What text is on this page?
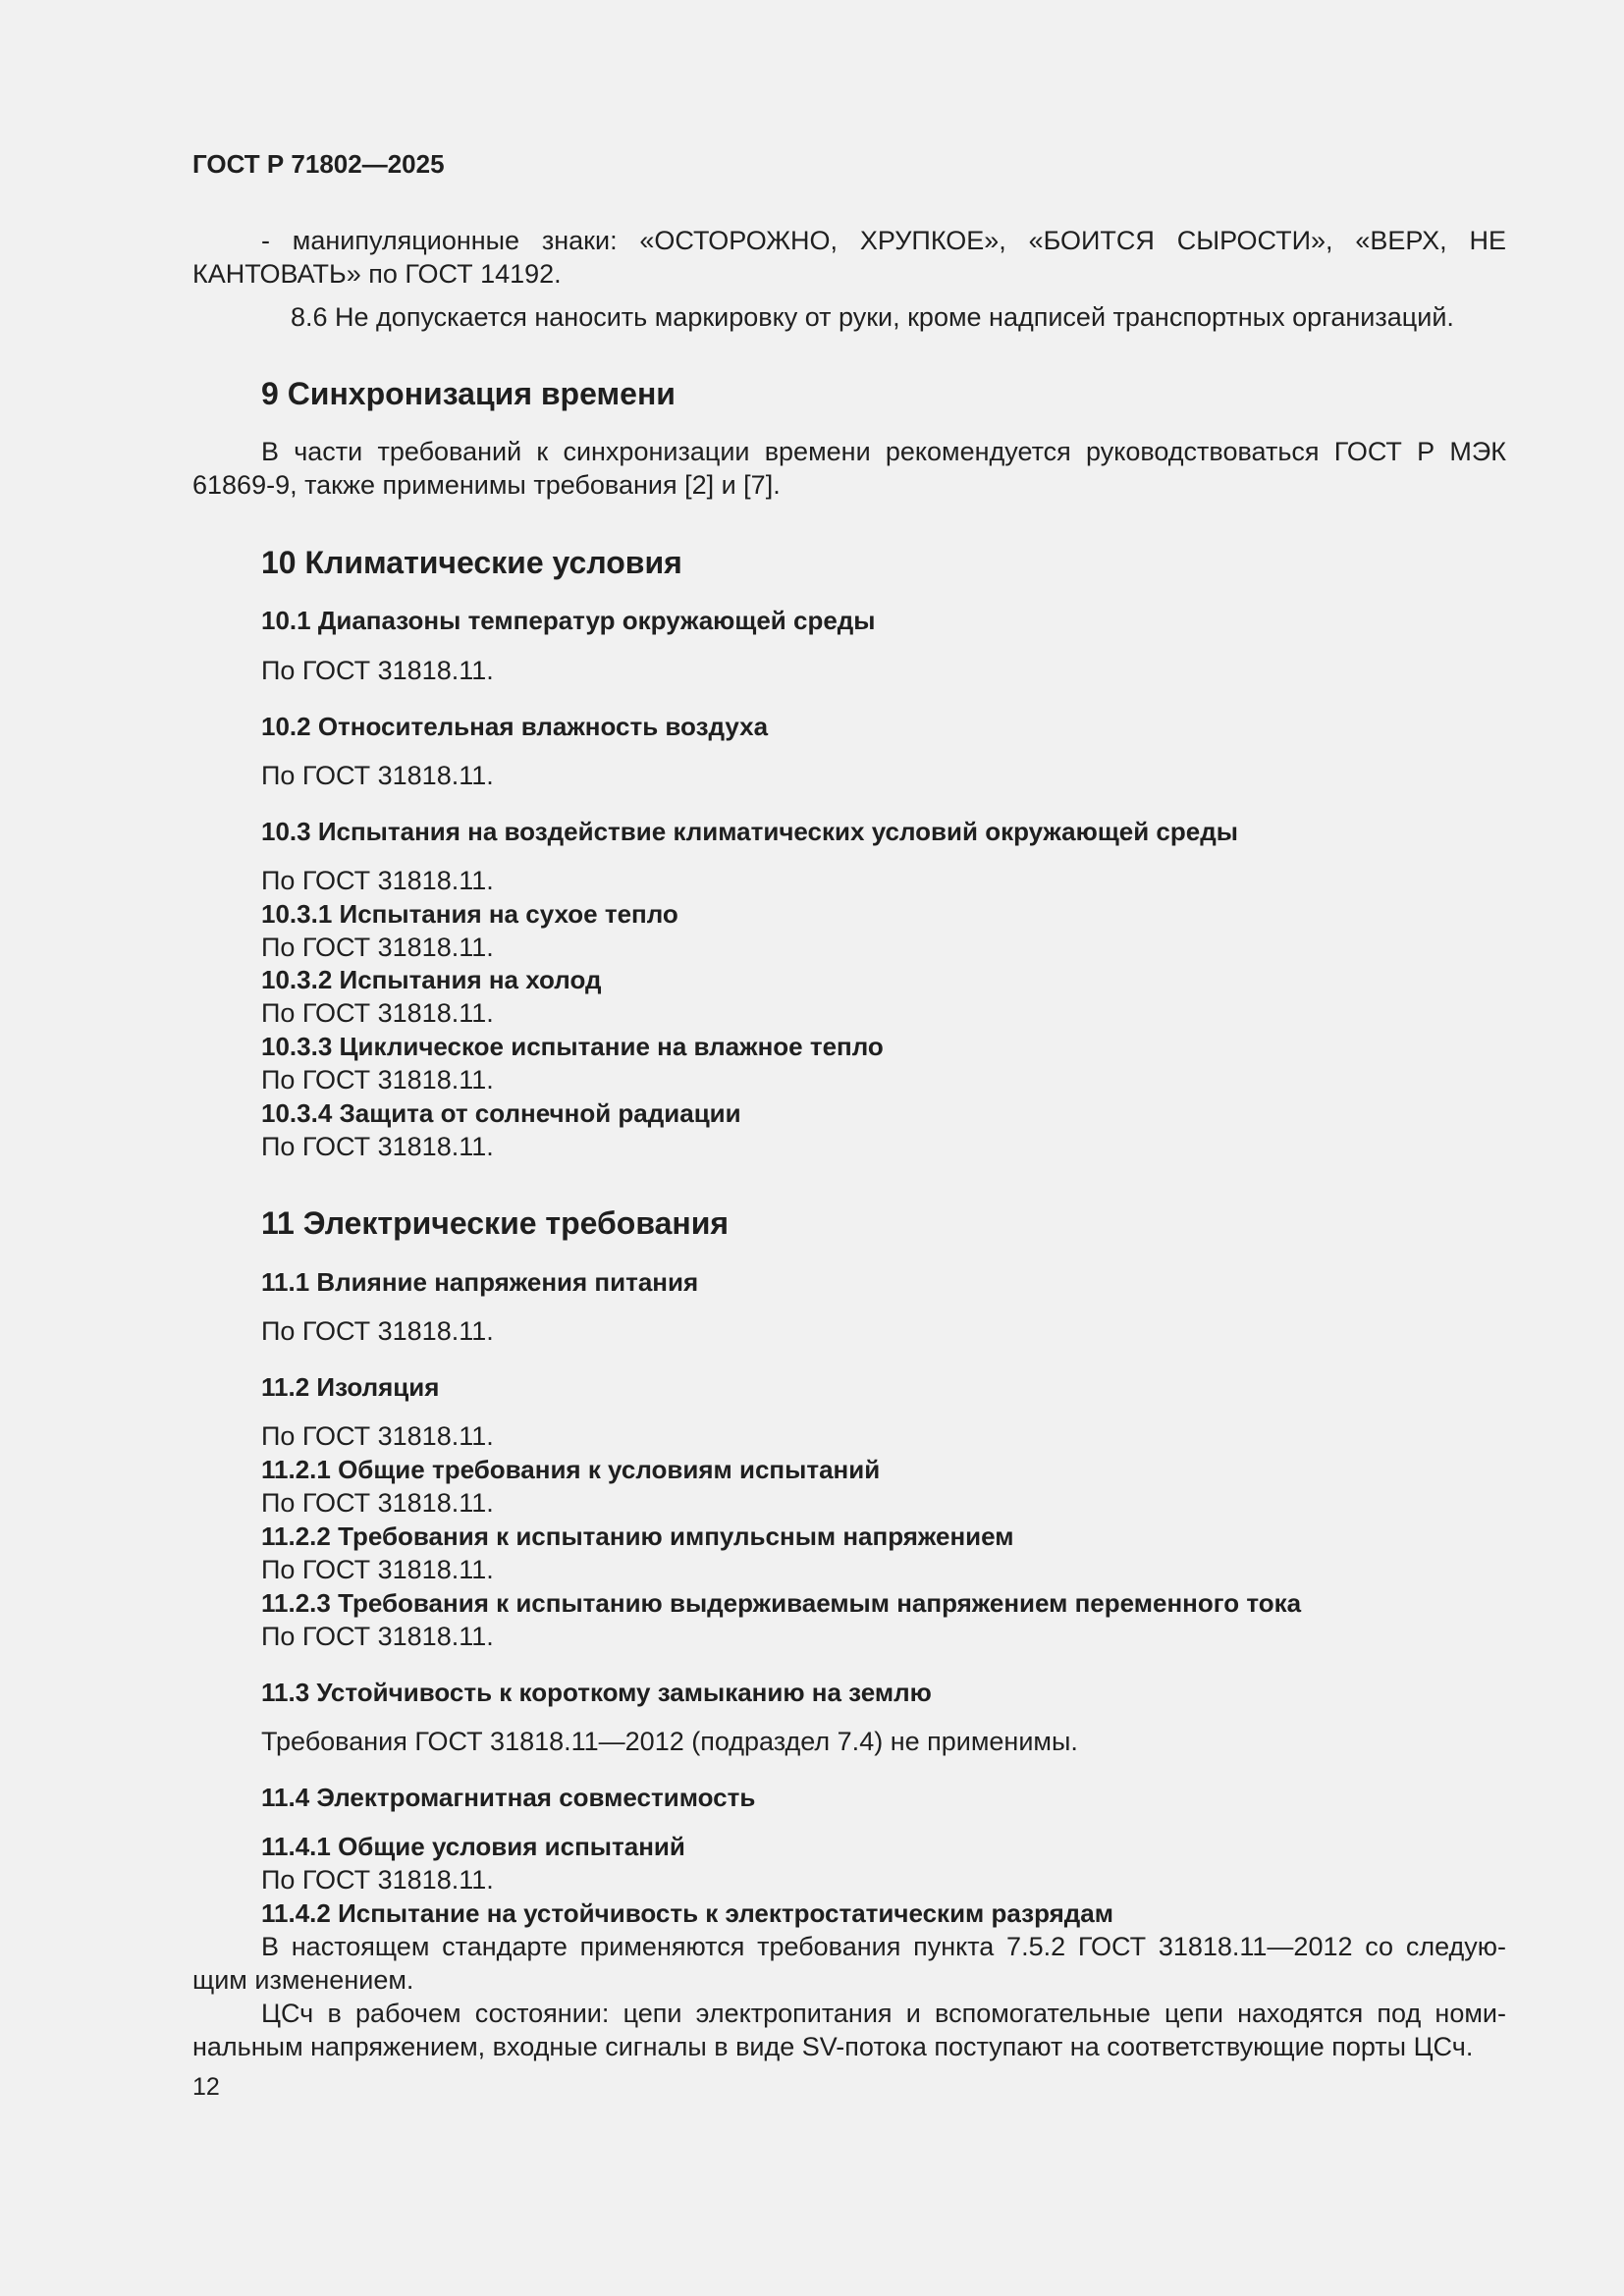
ГОСТ Р 71802—2025

- манипуляционные знаки: «ОСТОРОЖНО, ХРУПКОЕ», «БОИТСЯ СЫРОСТИ», «ВЕРХ, НЕ КАНТОВАТЬ» по ГОСТ 14192.

8.6 Не допускается наносить маркировку от руки, кроме надписей транспортных организаций.
9 Синхронизация времени

В части требований к синхронизации времени рекомендуется руководствоваться ГОСТ Р МЭК 61869-9, также применимы требования [2] и [7].

10 Климатические условия
10.1 Диапазоны температур окружающей среды
По ГОСТ 31818.11.
10.2 Относительная влажность воздуха
По ГОСТ 31818.11.
10.3 Испытания на воздействие климатических условий окружающей среды
По ГОСТ 31818.11.
10.3.1 Испытания на сухое тепло
По ГОСТ 31818.11.
10.3.2 Испытания на холод
По ГОСТ 31818.11.
10.3.3 Циклическое испытание на влажное тепло
По ГОСТ 31818.11.
10.3.4 Защита от солнечной радиации
По ГОСТ 31818.11.
11 Электрические требования
11.1 Влияние напряжения питания
По ГОСТ 31818.11.
11.2 Изоляция
По ГОСТ 31818.11.
11.2.1 Общие требования к условиям испытаний
По ГОСТ 31818.11.
11.2.2 Требования к испытанию импульсным напряжением
По ГОСТ 31818.11.
11.2.3 Требования к испытанию выдерживаемым напряжением переменного тока
По ГОСТ 31818.11.
11.3 Устойчивость к короткому замыканию на землю
Требования ГОСТ 31818.11—2012 (подраздел 7.4) не применимы.
11.4 Электромагнитная совместимость
11.4.1 Общие условия испытаний
По ГОСТ 31818.11.
11.4.2 Испытание на устойчивость к электростатическим разрядам

В настоящем стандарте применяются требования пункта 7.5.2 ГОСТ 31818.11—2012 со следую-щим изменением.

ЦСч в рабочем состоянии: цепи электропитания и вспомогательные цепи находятся под номи-нальным напряжением, входные сигналы в виде SV-потока поступают на соответствующие порты ЦСч.

12
